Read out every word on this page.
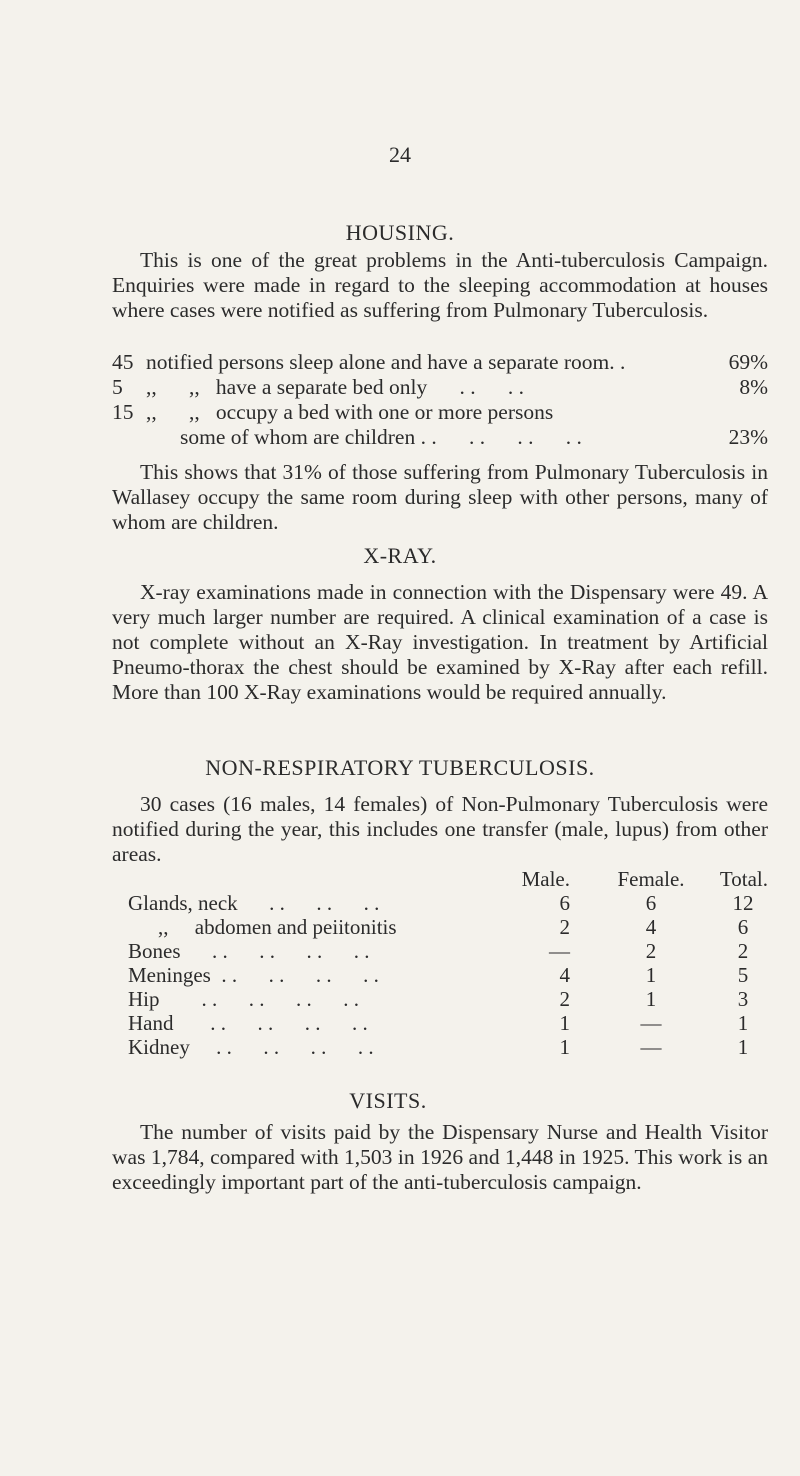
24
HOUSING.

This is one of the great problems in the Anti-tuberculosis Campaign. Enquiries were made in regard to the sleeping accommodation at houses where cases were notified as suffering from Pulmonary Tuberculosis.

45 notified persons sleep alone and have a separate room. .	69%
5	,,      ,,   have a separate bed only      . .      . .	8%
15 ,,      ,,   occupy a bed with one or more persons
some of whom are children . .      . .      . .      . .	23%

This shows that 31% of those suffering from Pulmonary Tuberculosis in Wallasey occupy the same room during sleep with other persons, many of whom are children.

X-RAY.

X-ray examinations made in connection with the Dispensary were 49. A very much larger number are required. A clinical examination of a case is not complete without an X-Ray investigation. In treatment by Artificial Pneumo-thorax the chest should be examined by X-Ray after each refill. More than 100 X-Ray examinations would be required annually.

NON-RESPIRATORY TUBERCULOSIS.

30 cases (16 males, 14 females) of Non-Pulmonary Tuberculosis were notified during the year, this includes one transfer (male, lupus) from other areas.

Male.	Female.	Total.
Glands, neck      . .      . .      . .	6	6	12
,,     abdomen and peiitonitis	2	4	6
Bones      . .      . .      . .      . .	—	2	2
Meninges  . .      . .      . .      . .	4	1	5
Hip        . .      . .      . .      . .	2	1	3
Hand       . .      . .      . .      . .	1	—	1
Kidney     . .      . .      . .      . .	1	—	1
VISITS.

The number of visits paid by the Dispensary Nurse and Health Visitor was 1,784, compared with 1,503 in 1926 and 1,448 in 1925. This work is an exceedingly important part of the anti-tuberculosis campaign.
